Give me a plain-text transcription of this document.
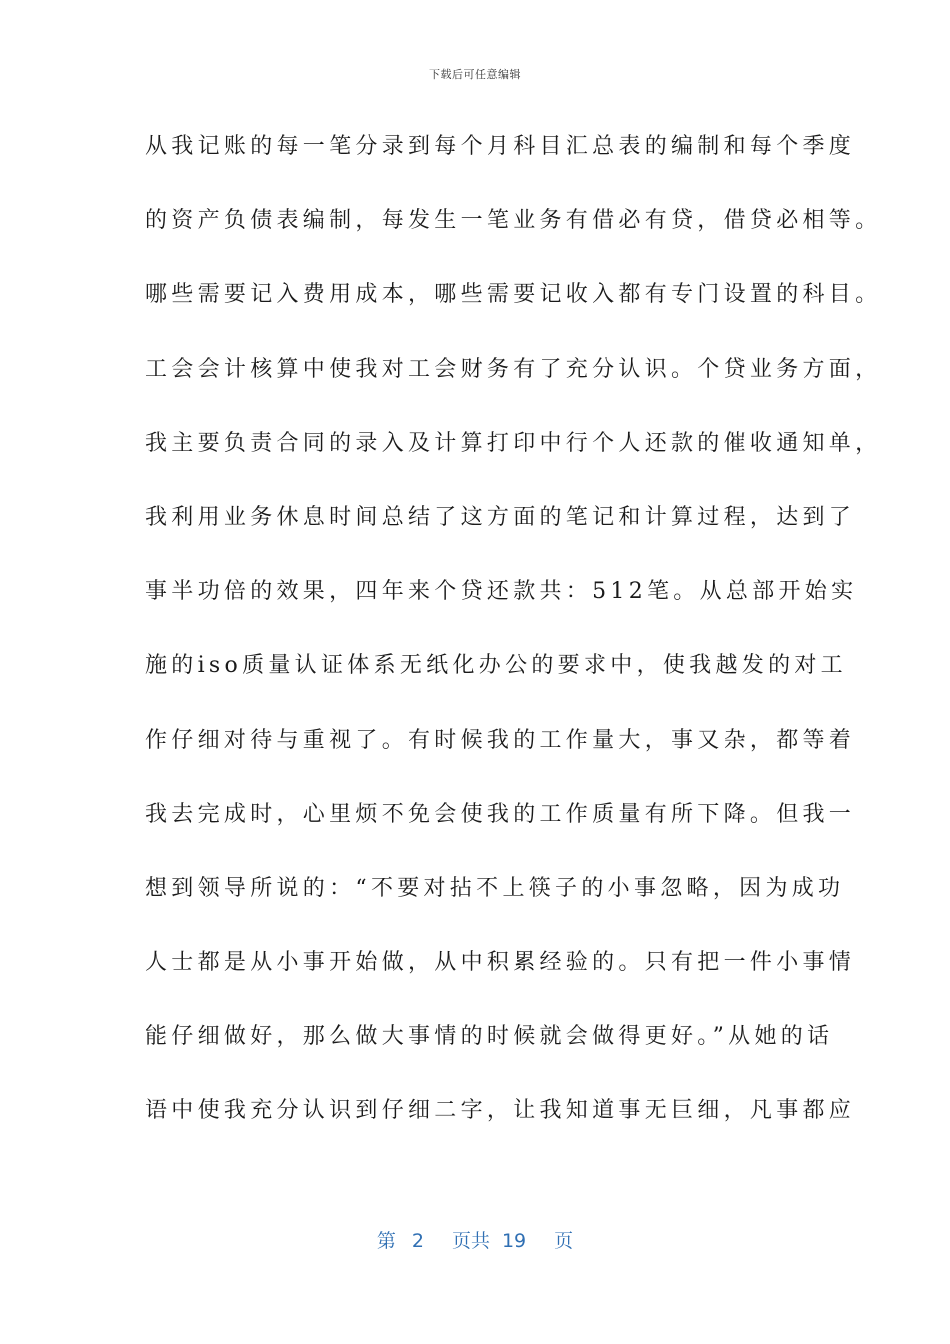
下载后可任意编辑
从我记账的每一笔分录到每个月科目汇总表的编制和每个季度
的资产负债表编制，每发生一笔业务有借必有贷，借贷必相等。
哪些需要记入费用成本，哪些需要记收入都有专门设置的科目。
工会会计核算中使我对工会财务有了充分认识。个贷业务方面，
我主要负责合同的录入及计算打印中行个人还款的催收通知单，
我利用业务休息时间总结了这方面的笔记和计算过程，达到了
事半功倍的效果，四年来个贷还款共：512笔。从总部开始实
施的iso质量认证体系无纸化办公的要求中，使我越发的对工
作仔细对待与重视了。有时候我的工作量大，事又杂，都等着
我去完成时，心里烦不免会使我的工作质量有所下降。但我一
想到领导所说的：“不要对拈不上筷子的小事忽略，因为成功
人士都是从小事开始做，从中积累经验的。只有把一件小事情
能仔细做好，那么做大事情的时候就会做得更好。”从她的话
语中使我充分认识到仔细二字，让我知道事无巨细，凡事都应
第 2 页共 19 页
